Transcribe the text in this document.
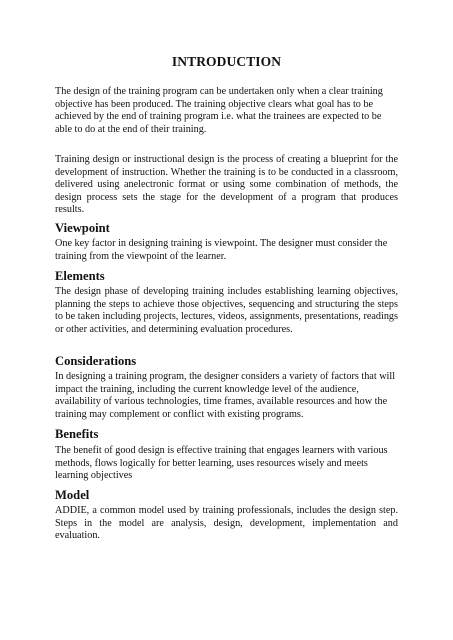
INTRODUCTION
The design of the training program can be undertaken only when a clear training objective has been produced. The training objective clears what goal has to be achieved by the end of training program i.e. what the trainees are expected to be able to do at the end of their training.
Training design or instructional design is the process of creating a blueprint for the development of instruction. Whether the training is to be conducted in a classroom, delivered using anelectronic format or using some combination of methods, the design process sets the stage for the development of a program that produces results.
Viewpoint
One key factor in designing training is viewpoint. The designer must consider the training from the viewpoint of the learner.
Elements
The design phase of developing training includes establishing learning objectives, planning the steps to achieve those objectives, sequencing and structuring the steps to be taken including projects, lectures, videos, assignments, presentations, readings or other activities, and determining evaluation procedures.
Considerations
In designing a training program, the designer considers a variety of factors that will impact the training, including the current knowledge level of the audience, availability of various technologies, time frames, available resources and how the training may complement or conflict with existing programs.
Benefits
The benefit of good design is effective training that engages learners with various methods, flows logically for better learning, uses resources wisely and meets learning objectives
Model
ADDIE, a common model used by training professionals, includes the design step. Steps in the model are analysis, design, development, implementation and evaluation.
